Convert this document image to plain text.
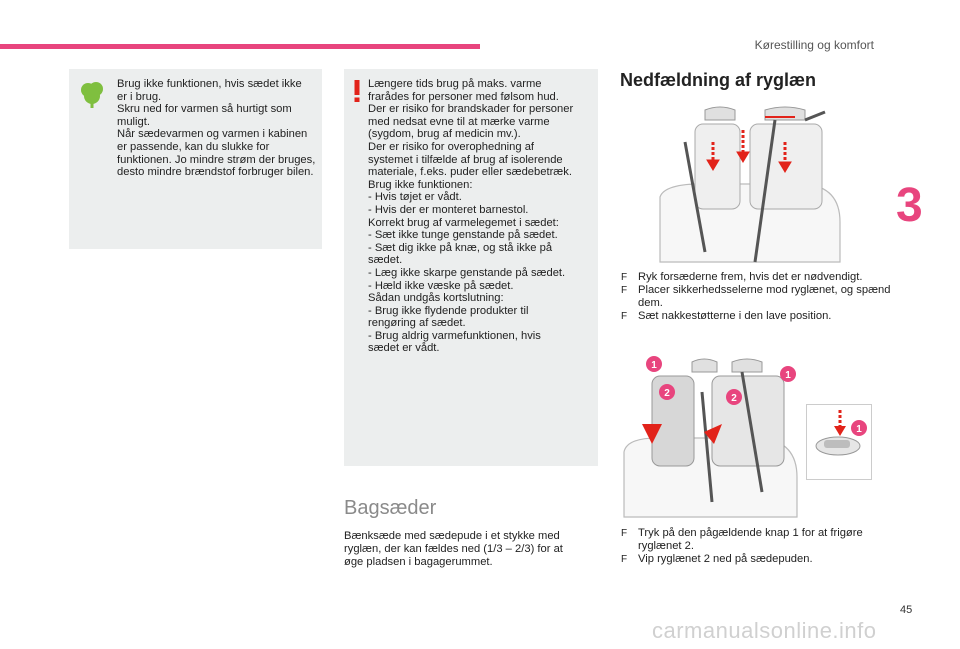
Kørestilling og komfort
3
Brug ikke funktionen, hvis sædet ikke
er i brug.
Skru ned for varmen så hurtigt som
muligt.
Når sædevarmen og varmen i kabinen
er passende, kan du slukke for
funktionen. Jo mindre strøm der bruges,
desto mindre brændstof forbruger bilen.
Længere tids brug på maks. varme
frarådes for personer med følsom hud.
Der er risiko for brandskader for personer
med nedsat evne til at mærke varme
(sygdom, brug af medicin mv.).
Der er risiko for overophedning af
systemet i tilfælde af brug af isolerende
materiale, f.eks. puder eller sædebetræk.
Brug ikke funktionen:
- Hvis tøjet er vådt.
- Hvis der er monteret barnestol.
Korrekt brug af varmelegemet i sædet:
- Sæt ikke tunge genstande på sædet.
- Sæt dig ikke på knæ, og stå ikke på
sædet.
- Læg ikke skarpe genstande på sædet.
- Hæld ikke væske på sædet.
Sådan undgås kortslutning:
- Brug ikke flydende produkter til
rengøring af sædet.
- Brug aldrig varmefunktionen, hvis
sædet er vådt.
Bagsæder
Bænksæde med sædepude i et stykke med
ryglæn, der kan fældes ned (1/3 – 2/3) for at
øge pladsen i bagagerummet.
Nedfældning af ryglæn
F Ryk forsæderne frem, hvis det er nødvendigt.
F Placer sikkerhedsselerne mod ryglænet, og spænd dem.
F Sæt nakkestøtterne i den lave position.
1
2	2
1
1
F Tryk på den pågældende knap 1 for at frigøre ryglænet 2.
F Vip ryglænet 2 ned på sædepuden.
45
carmanualsonline.info
